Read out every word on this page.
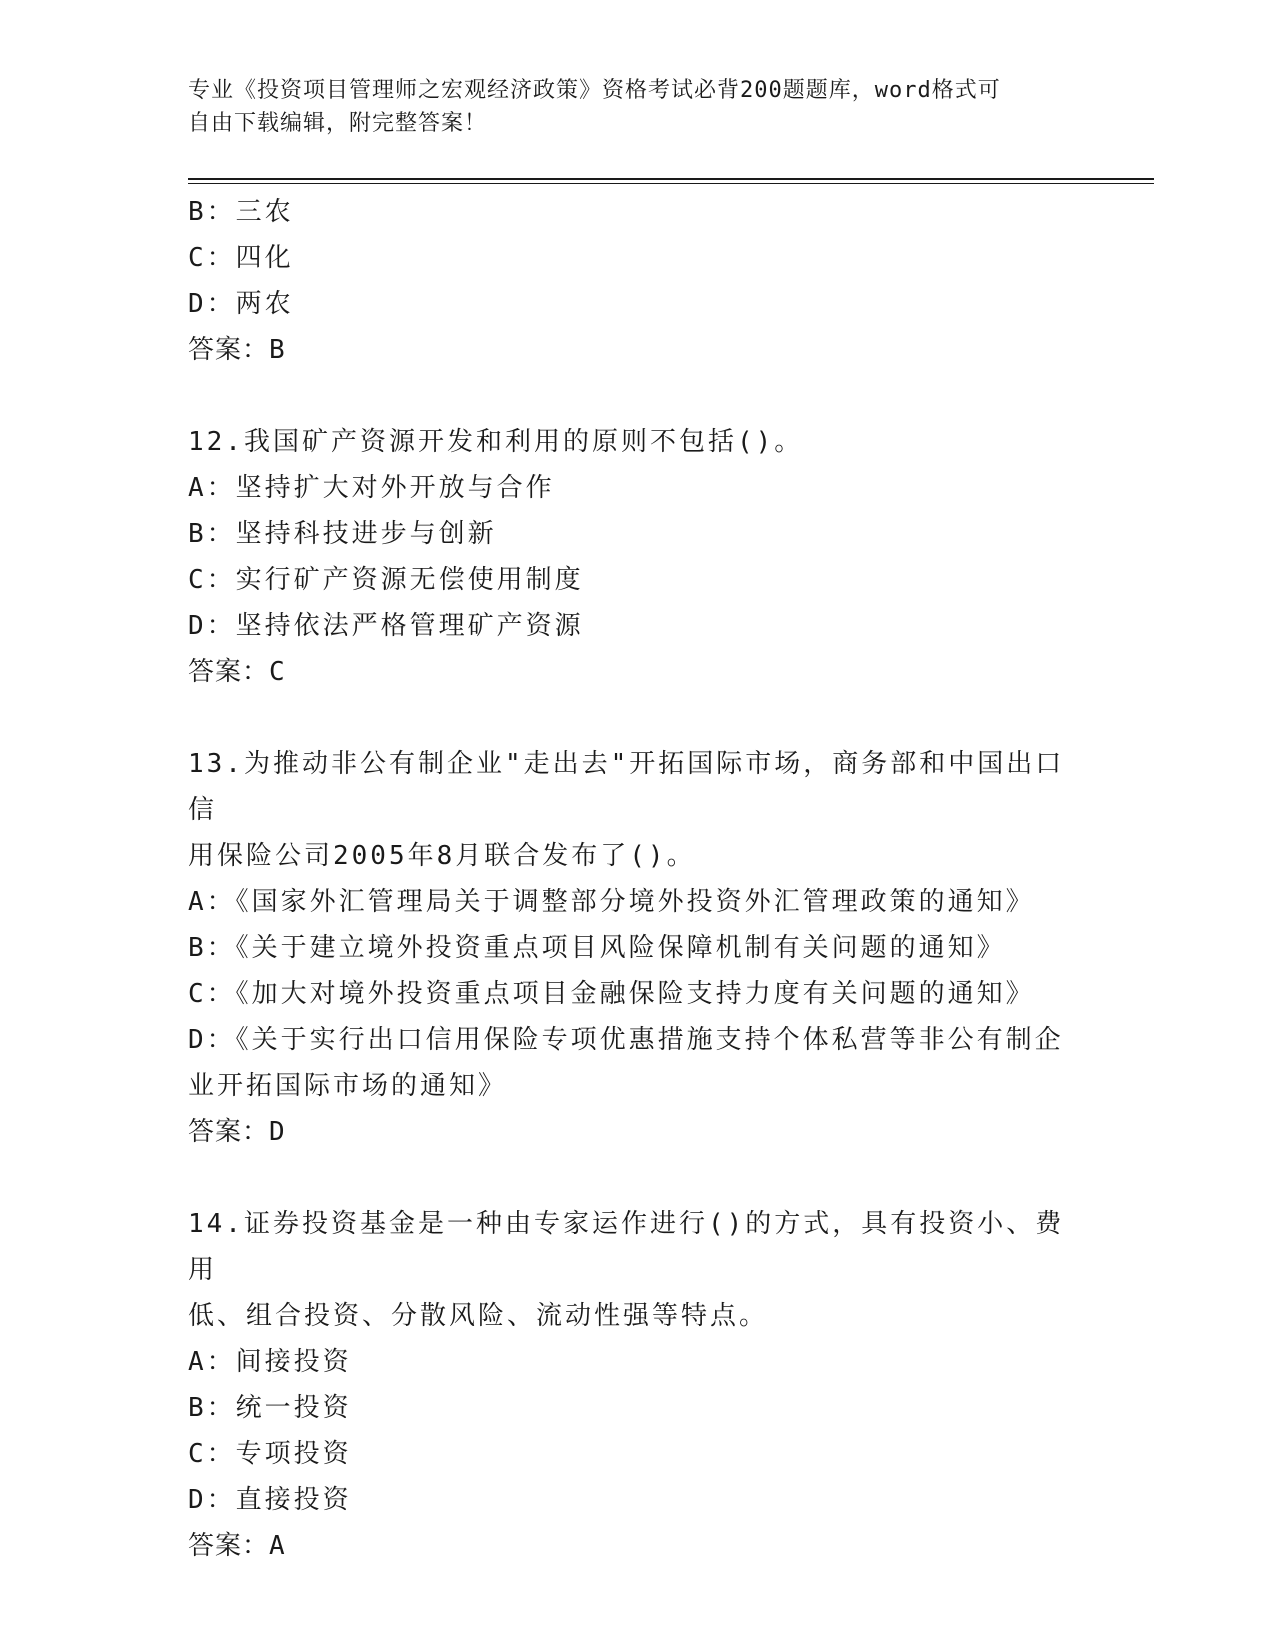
专业《投资项目管理师之宏观经济政策》资格考试必背200题题库，word格式可
自由下载编辑，附完整答案！
B：三农
C：四化
D：两农
答案：B
12.我国矿产资源开发和利用的原则不包括()。
A：坚持扩大对外开放与合作
B：坚持科技进步与创新
C：实行矿产资源无偿使用制度
D：坚持依法严格管理矿产资源
答案：C
13.为推动非公有制企业"走出去"开拓国际市场，商务部和中国出口信
用保险公司2005年8月联合发布了()。
A：《国家外汇管理局关于调整部分境外投资外汇管理政策的通知》
B：《关于建立境外投资重点项目风险保障机制有关问题的通知》
C：《加大对境外投资重点项目金融保险支持力度有关问题的通知》
D：《关于实行出口信用保险专项优惠措施支持个体私营等非公有制企
业开拓国际市场的通知》
答案：D
14.证券投资基金是一种由专家运作进行()的方式，具有投资小、费用
低、组合投资、分散风险、流动性强等特点。
A：间接投资
B：统一投资
C：专项投资
D：直接投资
答案：A
